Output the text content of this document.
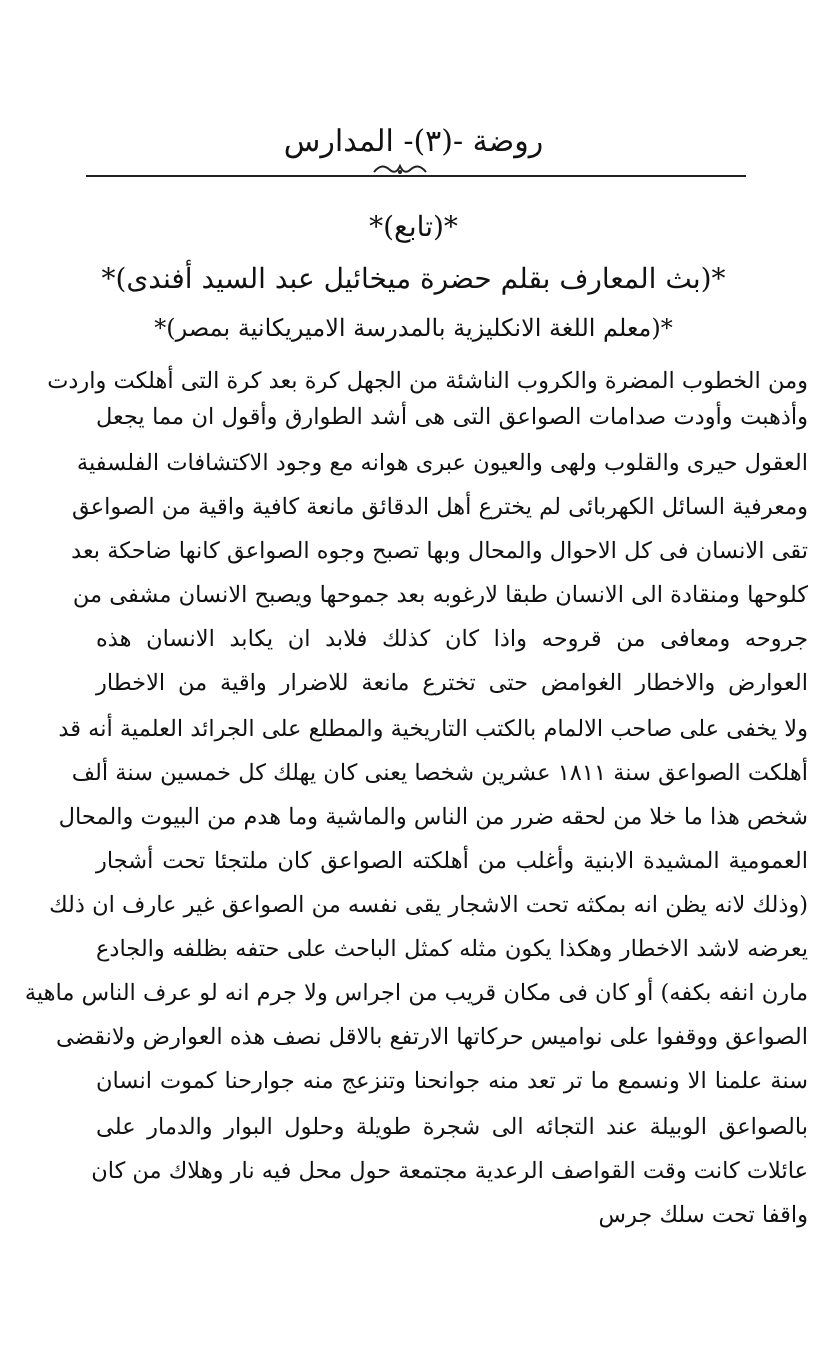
روضة -(٣)- المدارس
*(تابع)*
*(بث المعارف بقلم حضرة ميخائيل عبد السيد أفندى)*
*(معلم اللغة الانكليزية بالمدرسة الاميريكانية بمصر)*
ومن الخطوب المضرة والكروب الناشئة من الجهل كرة بعد كرة التى أهلكت واردت
وأذهبت وأودت صدامات الصواعق التى هى أشد الطوارق وأقول ان مما يجعل
العقول حيرى والقلوب ولهى والعيون عبرى هوانه مع وجود الاكتشافات الفلسفية
ومعرفية السائل الكهربائى لم يخترع أهل الدقائق مانعة كافية واقية من الصواعق
تقى الانسان فى كل الاحوال والمحال وبها تصبح وجوه الصواعق كانها ضاحكة بعد
كلوحها ومنقادة الى الانسان طبقا لارغوبه بعد جموحها ويصبح الانسان مشفى من
جروحه ومعافى من قروحه واذا كان كذلك فلابد ان يكابد الانسان هذه
العوارض والاخطار الغوامض حتى تخترع مانعة للاضرار واقية من الاخطار
ولا يخفى على صاحب الالمام بالكتب التاريخية والمطلع على الجرائد العلمية أنه قد
أهلكت الصواعق سنة ١٨١١ عشرين شخصا يعنى كان يهلك كل خمسين سنة ألف
شخص هذا ما خلا من لحقه ضرر من الناس والماشية وما هدم من البيوت والمحال
العمومية المشيدة الابنية وأغلب من أهلكته الصواعق كان ملتجئا تحت أشجار
(وذلك لانه يظن انه بمكثه تحت الاشجار يقى نفسه من الصواعق غير عارف ان ذلك
يعرضه لاشد الاخطار وهكذا يكون مثله كمثل الباحث على حتفه بظلفه والجادع
مارن انفه بكفه) أو كان فى مكان قريب من اجراس ولا جرم انه لو عرف الناس ماهية
الصواعق ووقفوا على نواميس حركاتها الارتفع بالاقل نصف هذه العوارض ولانقضى
سنة علمنا الا ونسمع ما تر تعد منه جوانحنا وتنزعج منه جوارحنا كموت انسان
بالصواعق الوبيلة عند التجائه الى شجرة طويلة وحلول البوار والدمار على
عائلات كانت وقت القواصف الرعدية مجتمعة حول محل فيه نار وهلاك من كان
واقفا تحت سلك جرس
